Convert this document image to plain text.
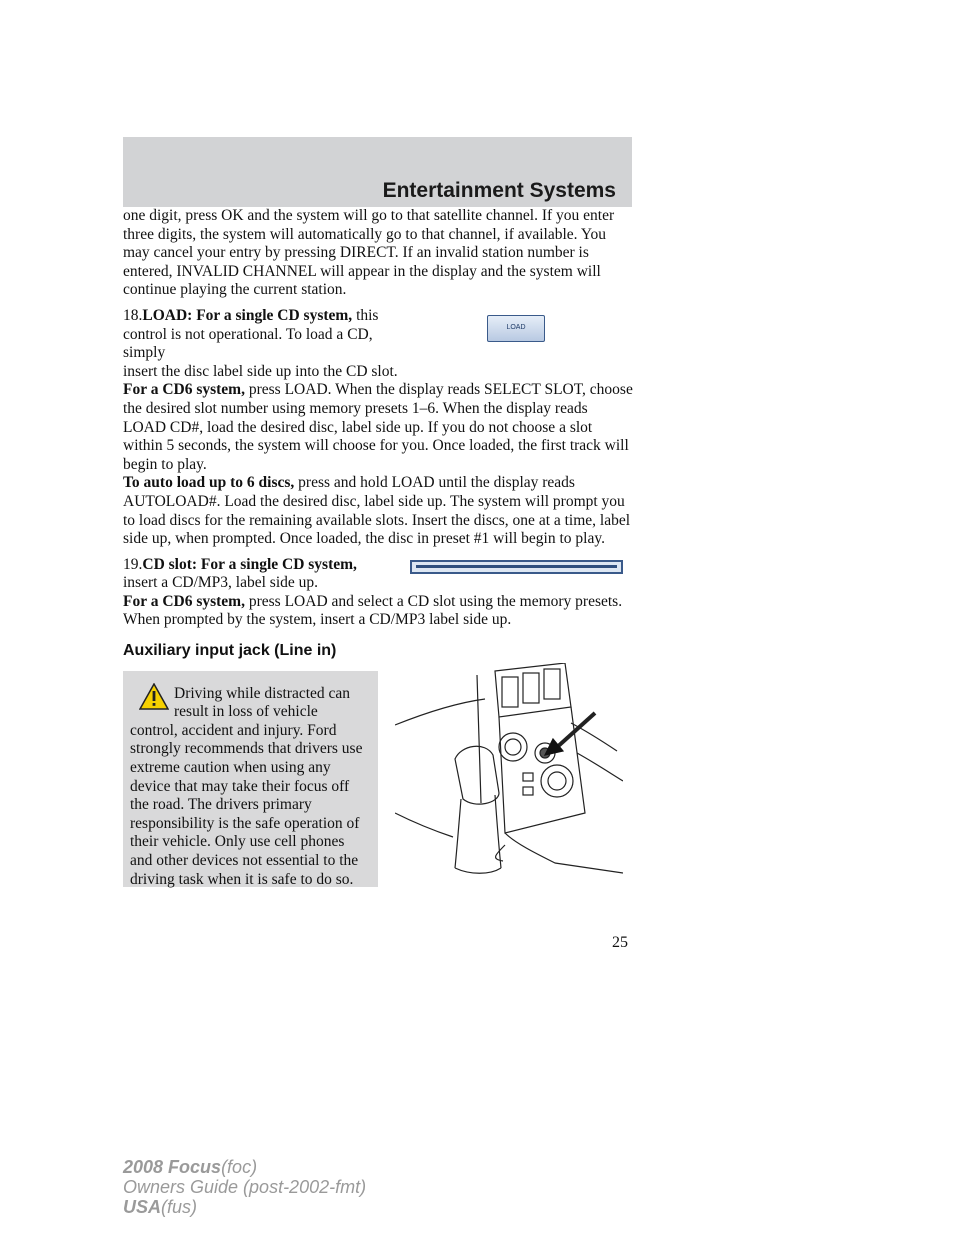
Entertainment Systems

one digit, press OK and the system will go to that satellite channel. If you enter three digits, the system will automatically go to that channel, if available. You may cancel your entry by pressing DIRECT. If an invalid station number is entered, INVALID CHANNEL will appear in the display and the system will continue playing the current station.

18.LOAD: For a single CD system, this control is not operational. To load a CD, simply
LOAD

insert the disc label side up into the CD slot.

For a CD6 system, press LOAD. When the display reads SELECT SLOT, choose the desired slot number using memory presets 1–6. When the display reads LOAD CD#, load the desired disc, label side up. If you do not choose a slot within 5 seconds, the system will choose for you. Once loaded, the first track will begin to play.

To auto load up to 6 discs, press and hold LOAD until the display reads AUTOLOAD#. Load the desired disc, label side up. The system will prompt you to load discs for the remaining available slots. Insert the discs, one at a time, label side up, when prompted. Once loaded, the disc in preset #1 will begin to play.

19.CD slot: For a single CD system, insert a CD/MP3, label side up.

For a CD6 system, press LOAD and select a CD slot using the memory presets. When prompted by the system, insert a CD/MP3 label side up.

Auxiliary input jack (Line in)

Driving while distracted can result in loss of vehicle

control, accident and injury. Ford strongly recommends that drivers use extreme caution when using any device that may take their focus off the road. The drivers primary responsibility is the safe operation of their vehicle. Only use cell phones and other devices not essential to the driving task when it is safe to do so.

25
2008 Focus(foc)
Owners Guide (post-2002-fmt)
USA(fus)
